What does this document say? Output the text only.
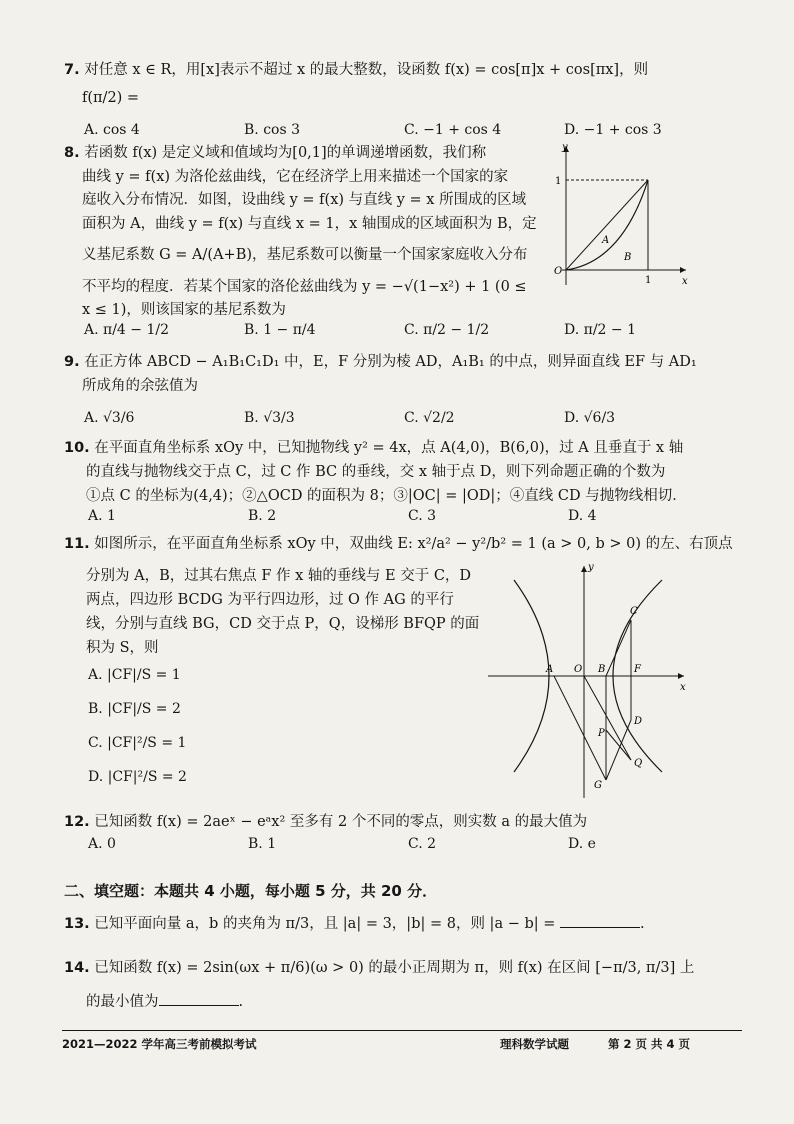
7. 对任意 x ∈ R，用[x]表示不超过 x 的最大整数，设函数 f(x) = cos[π]x + cos[πx]，则
f(π/2) =
A. cos 4	B. cos 3	C. −1 + cos 4	D. −1 + cos 3
8. 若函数 f(x) 是定义域和值域均为[0,1]的单调递增函数，我们称
曲线 y = f(x) 为洛伦兹曲线，它在经济学上用来描述一个国家的家
庭收入分布情况．如图，设曲线 y = f(x) 与直线 y = x 所围成的区域
面积为 A，曲线 y = f(x) 与直线 x = 1，x 轴围成的区域面积为 B，定
义基尼系数 G = A/(A+B)，基尼系数可以衡量一个国家家庭收入分布
不平均的程度．若某个国家的洛伦兹曲线为 y = −√(1−x²) + 1 (0 ≤
x ≤ 1)，则该国家的基尼系数为
y
1
1
O
x
A
B
A. π/4 − 1/2	B. 1 − π/4	C. π/2 − 1/2	D. π/2 − 1
9. 在正方体 ABCD − A₁B₁C₁D₁ 中，E，F 分别为棱 AD，A₁B₁ 的中点，则异面直线 EF 与 AD₁
所成角的余弦值为
A. √3/6	B. √3/3	C. √2/2	D. √6/3
10. 在平面直角坐标系 xOy 中，已知抛物线 y² = 4x，点 A(4,0)，B(6,0)，过 A 且垂直于 x 轴
的直线与抛物线交于点 C，过 C 作 BC 的垂线，交 x 轴于点 D，则下列命题正确的个数为
①点 C 的坐标为(4,4)；②△OCD 的面积为 8；③|OC| = |OD|；④直线 CD 与抛物线相切．
A. 1	B. 2	C. 3	D. 4
11. 如图所示，在平面直角坐标系 xOy 中，双曲线 E: x²/a² − y²/b² = 1 (a > 0, b > 0) 的左、右顶点
分别为 A，B，过其右焦点 F 作 x 轴的垂线与 E 交于 C，D
两点，四边形 BCDG 为平行四边形，过 O 作 AG 的平行
线，分别与直线 BG，CD 交于点 P，Q，设梯形 BFQP 的面
积为 S，则
A. |CF|/S = 1
B. |CF|/S = 2
C. |CF|²/S = 1
D. |CF|²/S = 2
y
x
A O B	F
C
D
P
Q
G
12. 已知函数 f(x) = 2aeˣ − eᵃx² 至多有 2 个不同的零点，则实数 a 的最大值为
A. 0	B. 1	C. 2	D. e
二、填空题：本题共 4 小题，每小题 5 分，共 20 分．
13. 已知平面向量 a，b 的夹角为 π/3，且 |a| = 3，|b| = 8，则 |a − b| =	.
14. 已知函数 f(x) = 2sin(ωx + π/6)(ω > 0) 的最小正周期为 π，则 f(x) 在区间 [−π/3, π/3] 上
的最小值为	.
2021—2022 学年高三考前模拟考试	理科数学试题	第 2 页 共 4 页
